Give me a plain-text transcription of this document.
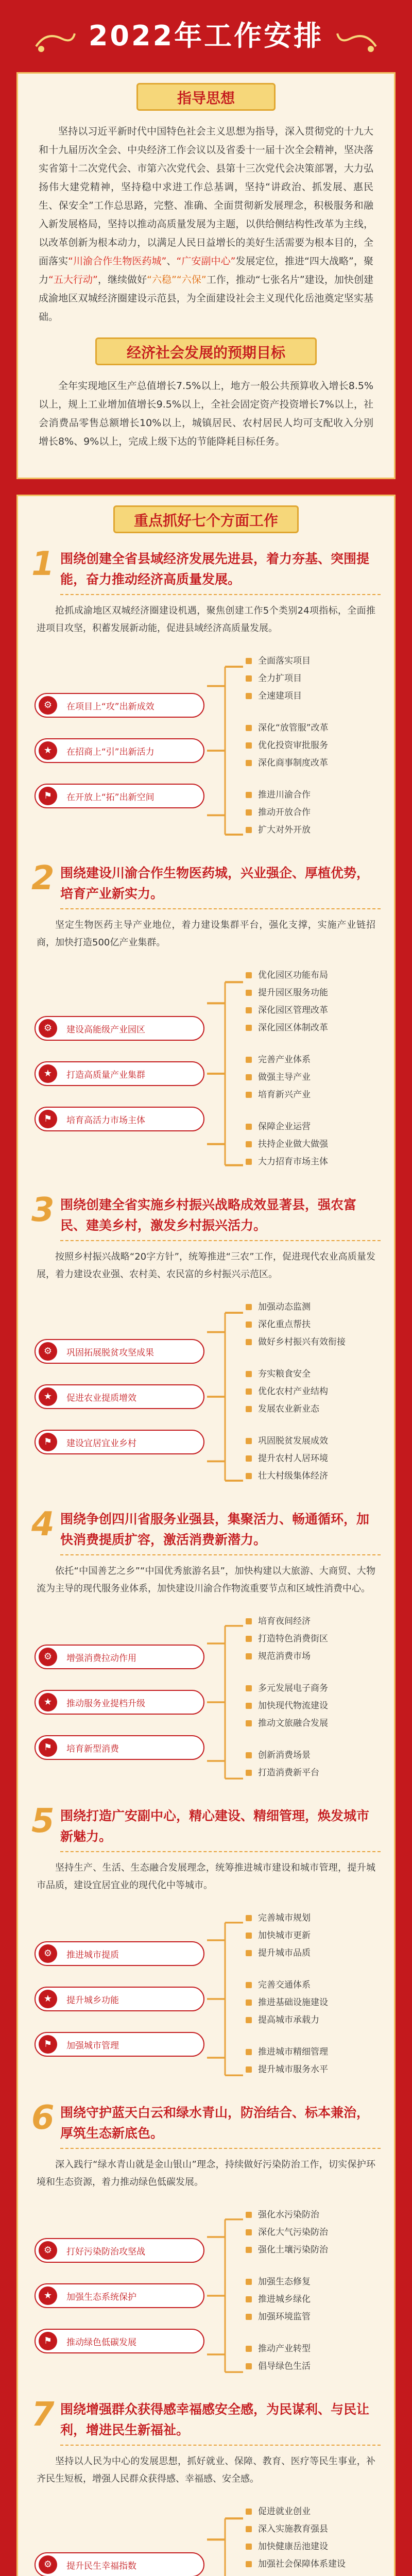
2022年工作安排
指导思想

坚持以习近平新时代中国特色社会主义思想为指导，深入贯彻党的十九大和十九届历次全会、中央经济工作会议以及省委十一届十次全会精神，坚决落实省第十二次党代会、市第六次党代会、县第十三次党代会决策部署，大力弘扬伟大建党精神，坚持稳中求进工作总基调，坚持“讲政治、抓发展、惠民生、保安全”工作总思路，完整、准确、全面贯彻新发展理念，积极服务和融入新发展格局，坚持以推动高质量发展为主题，以供给侧结构性改革为主线，以改革创新为根本动力，以满足人民日益增长的美好生活需要为根本目的，全面落实“川渝合作生物医药城”、“广安副中心”发展定位，推进“四大战略”，聚力“五大行动”，继续做好“六稳”“六保”工作，推动“七张名片”建设，加快创建成渝地区双城经济圈建设示范县，为全面建设社会主义现代化岳池奠定坚实基础。

经济社会发展的预期目标

全年实现地区生产总值增长7.5%以上，地方一般公共预算收入增长8.5%以上，规上工业增加值增长9.5%以上，全社会固定资产投资增长7%以上，社会消费品零售总额增长10%以上，城镇居民、农村居民人均可支配收入分别增长8%、9%以上，完成上级下达的节能降耗目标任务。

重点抓好七个方面工作
1 围绕创建全省县域经济发展先进县，着力夯基、突围提能，奋力推动经济高质量发展。

抢抓成渝地区双城经济圈建设机遇，聚焦创建工作5个类别24项指标，全面推进项目攻坚，积蓄发展新动能，促进县域经济高质量发展。

⚙	在项目上“攻”出新成效
★	在招商上“引”出新活力
⚑	在开放上“拓”出新空间
全面落实项目
全力扩项目
全速建项目
深化“放管服”改革
优化投资审批服务
深化商事制度改革
推进川渝合作
推动开放合作
扩大对外开放
2 围绕建设川渝合作生物医药城，兴业强企、厚植优势，培育产业新实力。

坚定生物医药主导产业地位，着力建设集群平台，强化支撑，实施产业链招商，加快打造500亿产业集群。

⚙	建设高能级产业园区
★	打造高质量产业集群
⚑	培育高活力市场主体
优化园区功能布局
提升园区服务功能
深化园区管理改革
深化园区体制改革
完善产业体系
做强主导产业
培育新兴产业
保障企业运营
扶持企业做大做强
大力招育市场主体
3 围绕创建全省实施乡村振兴战略成效显著县，强农富民、建美乡村，激发乡村振兴活力。

按照乡村振兴战略“20字方针”，统筹推进“三农”工作，促进现代农业高质量发展，着力建设农业强、农村美、农民富的乡村振兴示范区。

⚙	巩固拓展脱贫攻坚成果
★	促进农业提质增效
⚑	建设宜居宜业乡村
加强动态监测
深化重点帮扶
做好乡村振兴有效衔接
夯实粮食安全
优化农村产业结构
发展农业新业态
巩固脱贫发展成效
提升农村人居环境
壮大村级集体经济
4 围绕争创四川省服务业强县，集聚活力、畅通循环，加快消费提质扩容，激活消费新潜力。

依托“中国善艺之乡”“中国优秀旅游名县”，加快构建以大旅游、大商贸、大物流为主导的现代服务业体系，加快建设川渝合作物流重要节点和区域性消费中心。

⚙	增强消费拉动作用
★	推动服务业提档升级
⚑	培育新型消费
培育夜间经济
打造特色消费街区
规范消费市场
多元发展电子商务
加快现代物流建设
推动文旅融合发展
创新消费场景
打造消费新平台
5 围绕打造广安副中心，精心建设、精细管理，焕发城市新魅力。

坚持生产、生活、生态融合发展理念，统筹推进城市建设和城市管理，提升城市品质，建设宜居宜业的现代化中等城市。

⚙	推进城市提质
★	提升城乡功能
⚑	加强城市管理
完善城市规划
加快城市更新
提升城市品质
完善交通体系
推进基础设施建设
提高城市承载力
推进城市精细管理
提升城市服务水平
6 围绕守护蓝天白云和绿水青山，防治结合、标本兼治，厚筑生态新底色。

深入践行“绿水青山就是金山银山”理念，持续做好污染防治工作，切实保护环境和生态资源，着力推动绿色低碳发展。

⚙	打好污染防治攻坚战
★	加强生态系统保护
⚑	推动绿色低碳发展
强化水污染防治
深化大气污染防治
强化土壤污染防治
加强生态修复
推进城乡绿化
加强环境监管
推动产业转型
倡导绿色生活
7 围绕增强群众获得感幸福感安全感，为民谋利、与民让利，增进民生新福祉。

坚持以人民为中心的发展思想，抓好就业、保障、教育、医疗等民生事业，补齐民生短板，增强人民群众获得感、幸福感、安全感。

⚙	提升民生幸福指数
促进就业创业
深入实施教育强县
加快健康岳池建设
加强社会保障体系建设
